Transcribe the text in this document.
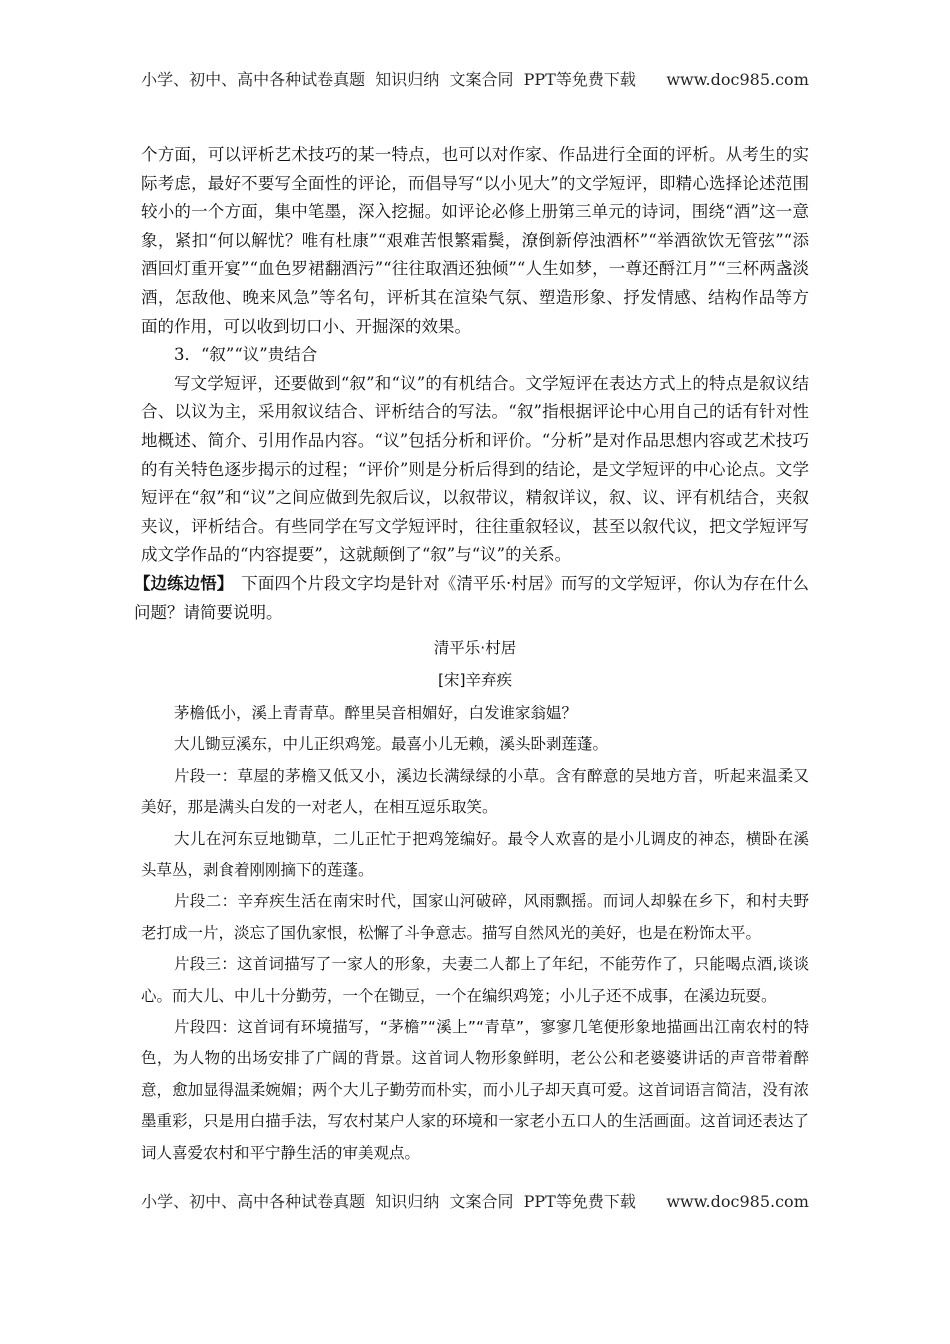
小学、初中、高中各种试卷真题  知识归纳  文案合同  PPT等免费下载      www.doc985.com

个方面，可以评析艺术技巧的某一特点，也可以对作家、作品进行全面的评析。从考生的实际考虑，最好不要写全面性的评论，而倡导写“以小见大”的文学短评，即精心选择论述范围较小的一个方面，集中笔墨，深入挖掘。如评论必修上册第三单元的诗词，围绕“酒”这一意象，紧扣“何以解忧？唯有杜康”“艰难苦恨繁霜鬓，潦倒新停浊酒杯”“举酒欲饮无管弦”“添酒回灯重开宴”“血色罗裙翻酒污”“往往取酒还独倾”“人生如梦，一尊还酹江月”“三杯两盏淡酒，怎敌他、晚来风急”等名句，评析其在渲染气氛、塑造形象、抒发情感、结构作品等方面的作用，可以收到切口小、开掘深的效果。

3．“叙”“议”贵结合

写文学短评，还要做到“叙”和“议”的有机结合。文学短评在表达方式上的特点是叙议结合、以议为主，采用叙议结合、评析结合的写法。“叙”指根据评论中心用自己的话有针对性地概述、简介、引用作品内容。“议”包括分析和评价。“分析”是对作品思想内容或艺术技巧的有关特色逐步揭示的过程；“评价”则是分析后得到的结论，是文学短评的中心论点。文学短评在“叙”和“议”之间应做到先叙后议，以叙带议，精叙详议，叙、议、评有机结合，夹叙夹议，评析结合。有些同学在写文学短评时，往往重叙轻议，甚至以叙代议，把文学短评写成文学作品的“内容提要”，这就颠倒了“叙”与“议”的关系。

【边练边悟】 下面四个片段文字均是针对《清平乐·村居》而写的文学短评，你认为存在什么问题？请简要说明。

清平乐·村居

[宋]辛弃疾

茅檐低小，溪上青青草。醉里吴音相媚好，白发谁家翁媪？

大儿锄豆溪东，中儿正织鸡笼。最喜小儿无赖，溪头卧剥莲蓬。

片段一：草屋的茅檐又低又小，溪边长满绿绿的小草。含有醉意的吴地方音，听起来温柔又美好，那是满头白发的一对老人，在相互逗乐取笑。

大儿在河东豆地锄草，二儿正忙于把鸡笼编好。最令人欢喜的是小儿调皮的神态，横卧在溪头草丛，剥食着刚刚摘下的莲蓬。

片段二：辛弃疾生活在南宋时代，国家山河破碎，风雨飘摇。而词人却躲在乡下，和村夫野老打成一片，淡忘了国仇家恨，松懈了斗争意志。描写自然风光的美好，也是在粉饰太平。

片段三：这首词描写了一家人的形象，夫妻二人都上了年纪，不能劳作了，只能喝点酒,谈谈心。而大儿、中儿十分勤劳，一个在锄豆，一个在编织鸡笼；小儿子还不成事，在溪边玩耍。

片段四：这首词有环境描写，“茅檐”“溪上”“青草”，寥寥几笔便形象地描画出江南农村的特色，为人物的出场安排了广阔的背景。这首词人物形象鲜明，老公公和老婆婆讲话的声音带着醉意，愈加显得温柔婉媚；两个大儿子勤劳而朴实，而小儿子却天真可爱。这首词语言简洁，没有浓墨重彩，只是用白描手法，写农村某户人家的环境和一家老小五口人的生活画面。这首词还表达了词人喜爱农村和平宁静生活的审美观点。

小学、初中、高中各种试卷真题  知识归纳  文案合同  PPT等免费下载      www.doc985.com
